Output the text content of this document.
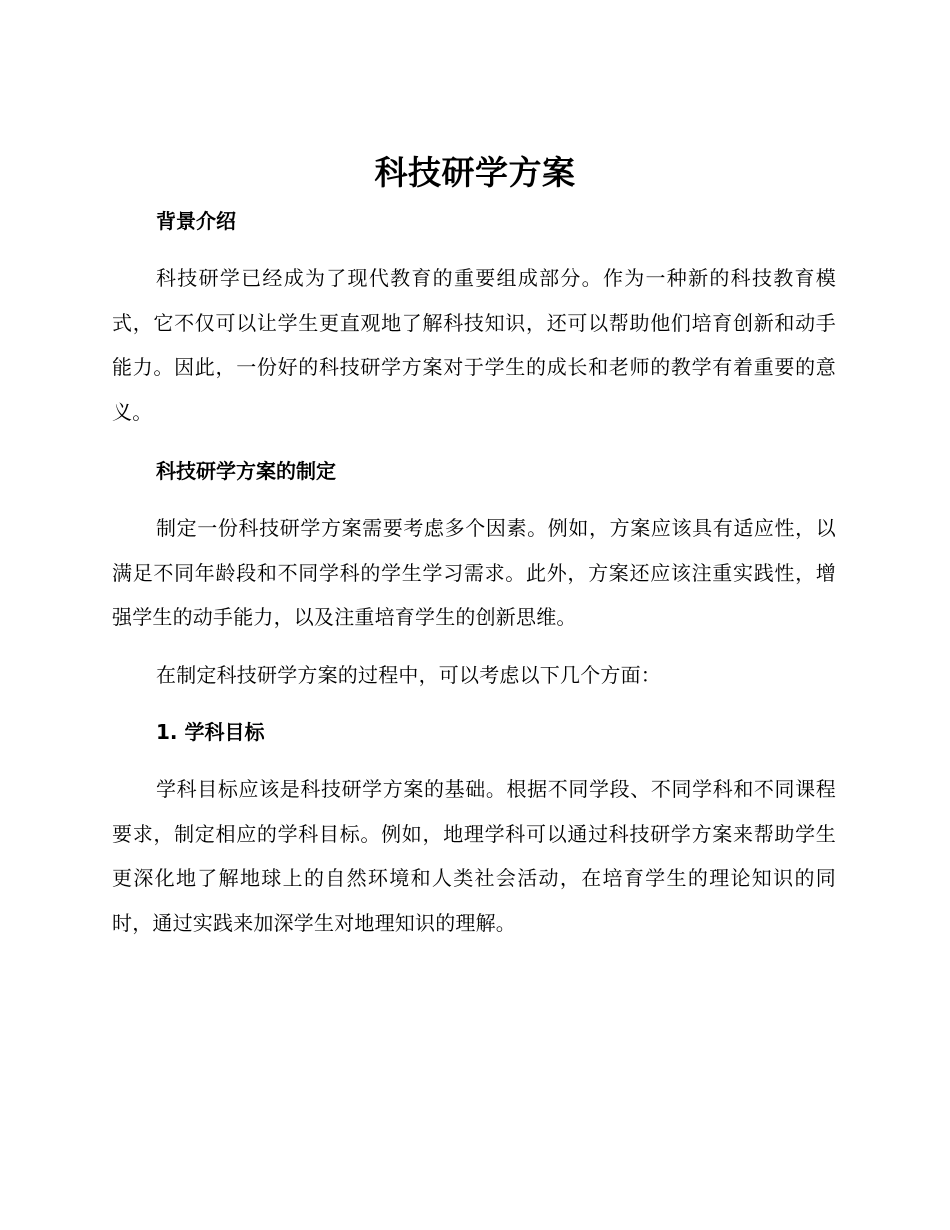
科技研学方案
背景介绍
科技研学已经成为了现代教育的重要组成部分。作为一种新的科技教育模式，它不仅可以让学生更直观地了解科技知识，还可以帮助他们培育创新和动手能力。因此，一份好的科技研学方案对于学生的成长和老师的教学有着重要的意义。
科技研学方案的制定
制定一份科技研学方案需要考虑多个因素。例如，方案应该具有适应性，以满足不同年龄段和不同学科的学生学习需求。此外，方案还应该注重实践性，增强学生的动手能力，以及注重培育学生的创新思维。
在制定科技研学方案的过程中，可以考虑以下几个方面：
1. 学科目标
学科目标应该是科技研学方案的基础。根据不同学段、不同学科和不同课程要求，制定相应的学科目标。例如，地理学科可以通过科技研学方案来帮助学生更深化地了解地球上的自然环境和人类社会活动，在培育学生的理论知识的同时，通过实践来加深学生对地理知识的理解。
